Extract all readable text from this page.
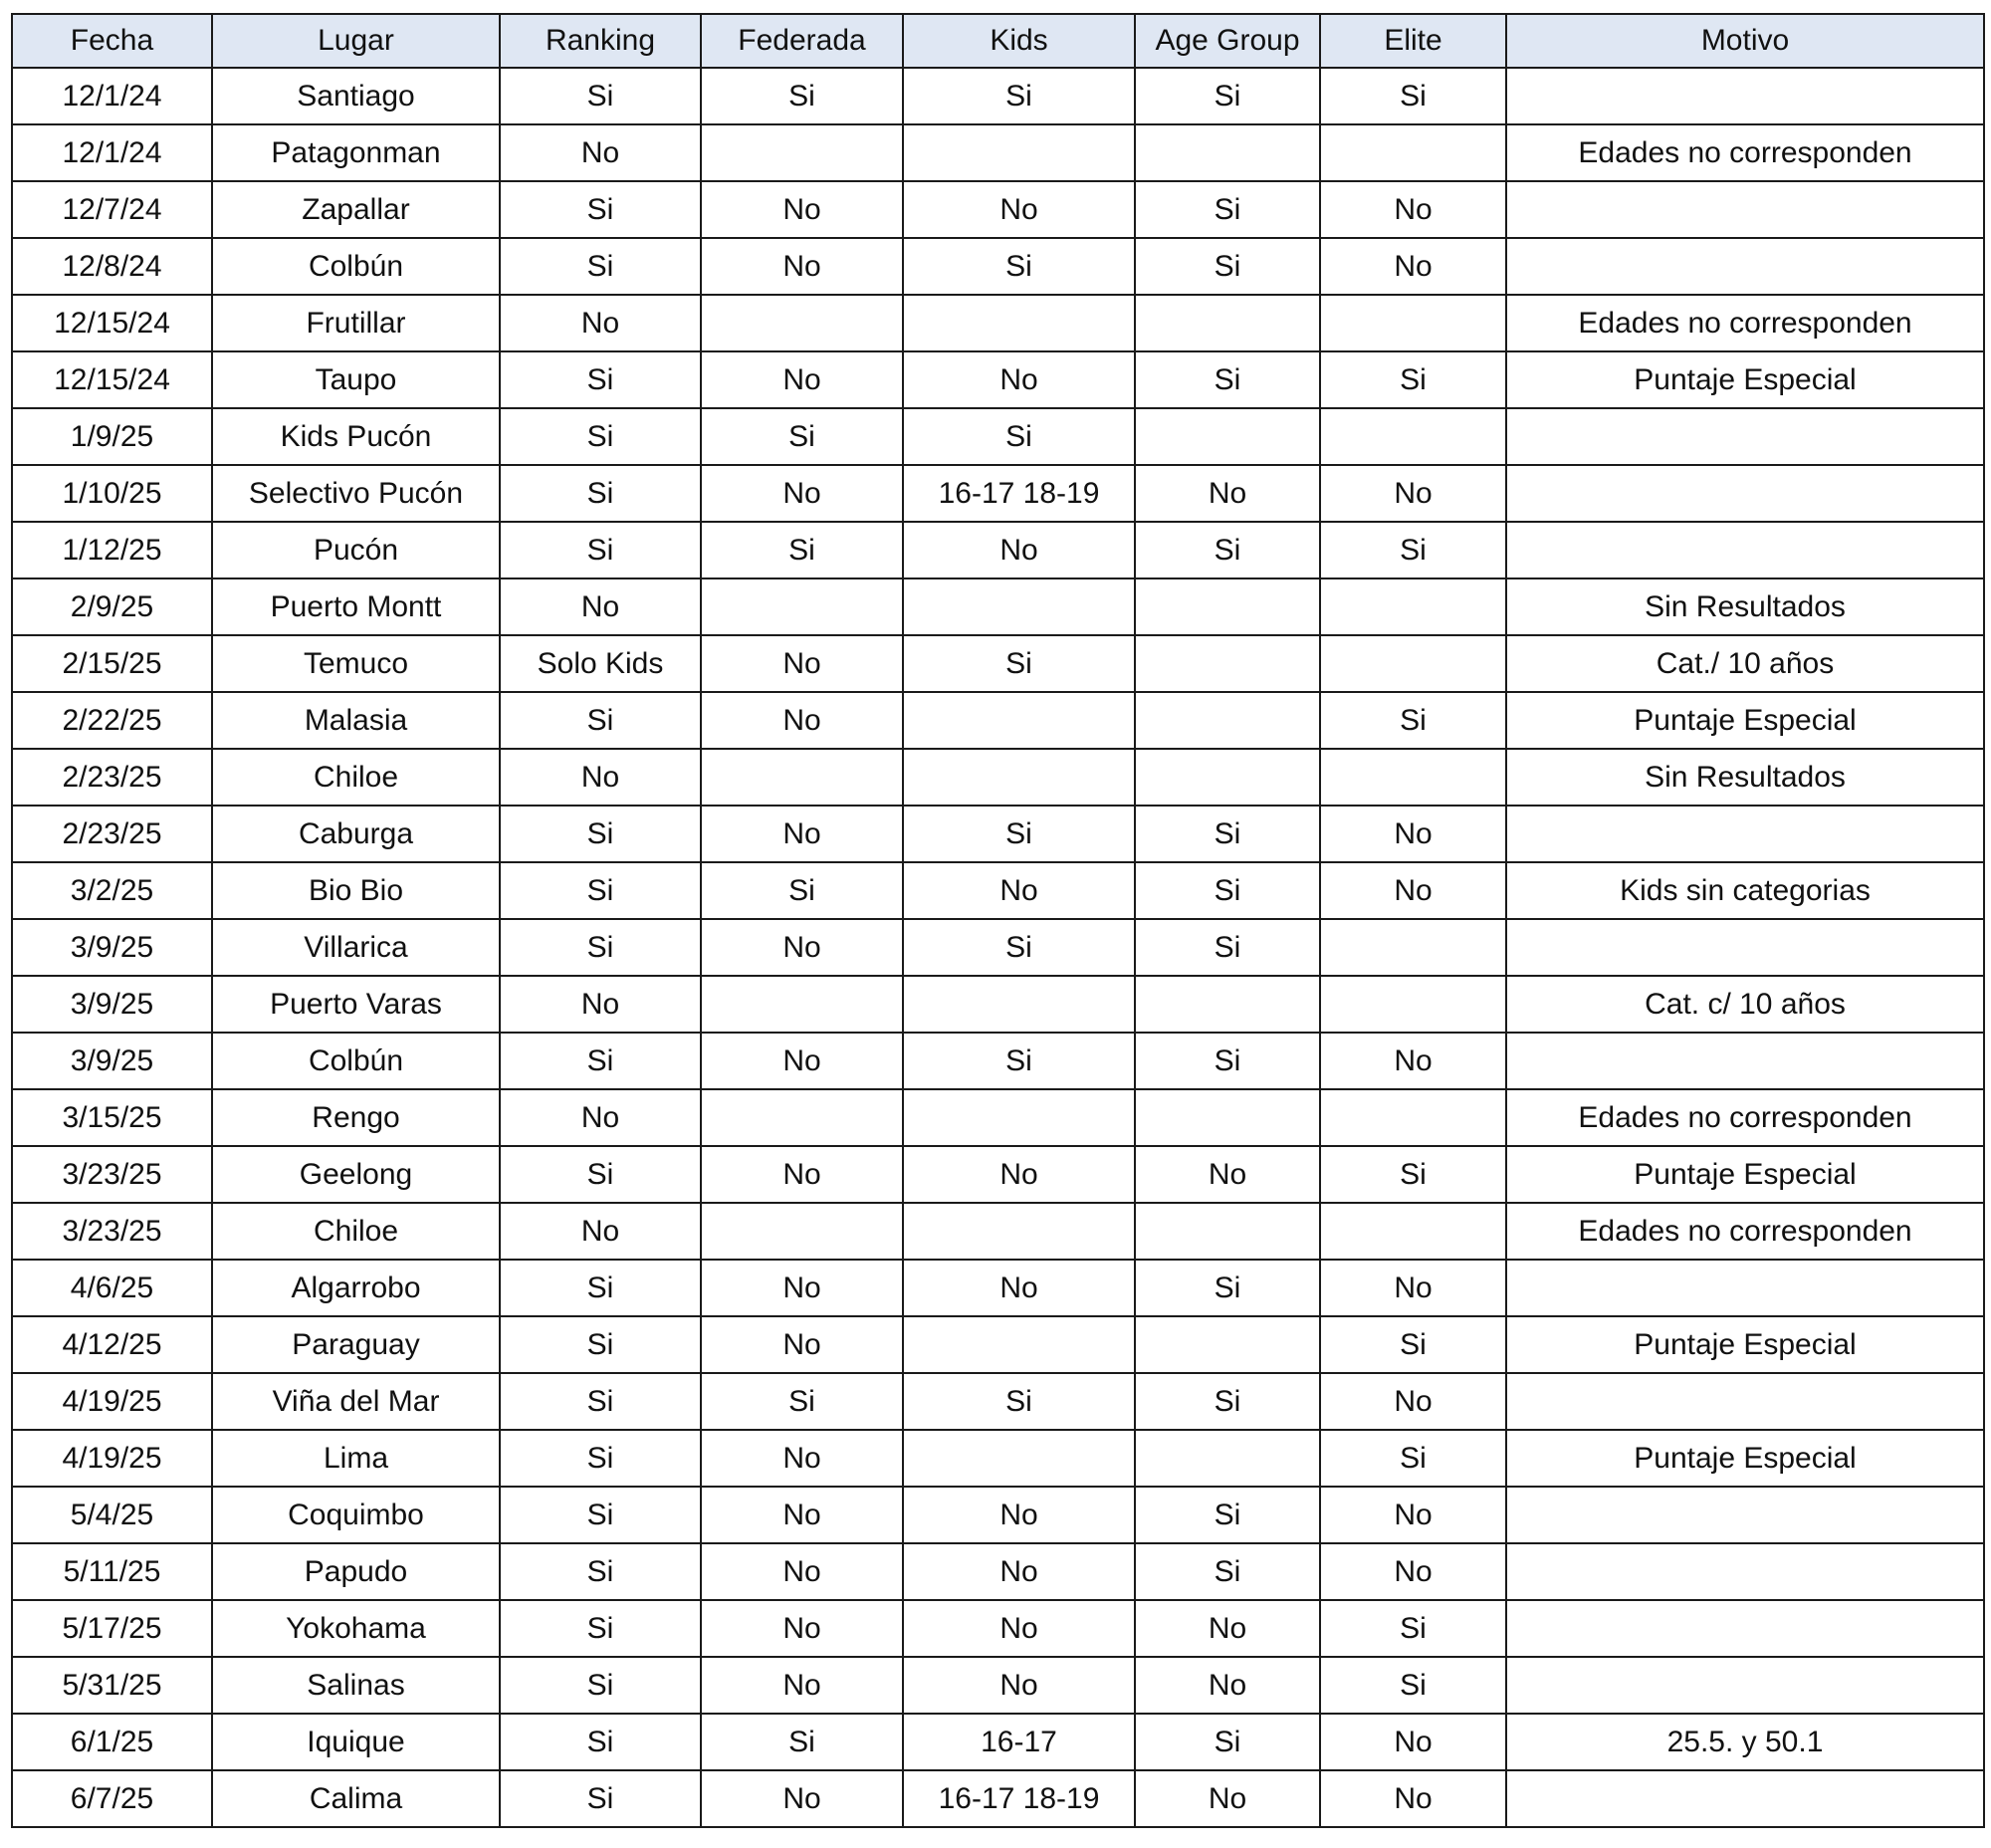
Fecha	Lugar	Ranking	Federada	Kids	Age Group	Elite	Motivo
12/1/24	Santiago	Si	Si	Si	Si	Si	
12/1/24	Patagonman	No					Edades no corresponden
12/7/24	Zapallar	Si	No	No	Si	No	
12/8/24	Colbún	Si	No	Si	Si	No	
12/15/24	Frutillar	No					Edades no corresponden
12/15/24	Taupo	Si	No	No	Si	Si	Puntaje Especial
1/9/25	Kids Pucón	Si	Si	Si			
1/10/25	Selectivo Pucón	Si	No	16-17 18-19	No	No	
1/12/25	Pucón	Si	Si	No	Si	Si	
2/9/25	Puerto Montt	No					Sin Resultados
2/15/25	Temuco	Solo Kids	No	Si			Cat./ 10 años
2/22/25	Malasia	Si	No			Si	Puntaje Especial
2/23/25	Chiloe	No					Sin Resultados
2/23/25	Caburga	Si	No	Si	Si	No	
3/2/25	Bio Bio	Si	Si	No	Si	No	Kids sin categorias
3/9/25	Villarica	Si	No	Si	Si		
3/9/25	Puerto Varas	No					Cat. c/ 10 años
3/9/25	Colbún	Si	No	Si	Si	No	
3/15/25	Rengo	No					Edades no corresponden
3/23/25	Geelong	Si	No	No	No	Si	Puntaje Especial
3/23/25	Chiloe	No					Edades no corresponden
4/6/25	Algarrobo	Si	No	No	Si	No	
4/12/25	Paraguay	Si	No			Si	Puntaje Especial
4/19/25	Viña del Mar	Si	Si	Si	Si	No	
4/19/25	Lima	Si	No			Si	Puntaje Especial
5/4/25	Coquimbo	Si	No	No	Si	No	
5/11/25	Papudo	Si	No	No	Si	No	
5/17/25	Yokohama	Si	No	No	No	Si	
5/31/25	Salinas	Si	No	No	No	Si	
6/1/25	Iquique	Si	Si	16-17	Si	No	25.5. y 50.1
6/7/25	Calima	Si	No	16-17 18-19	No	No	
